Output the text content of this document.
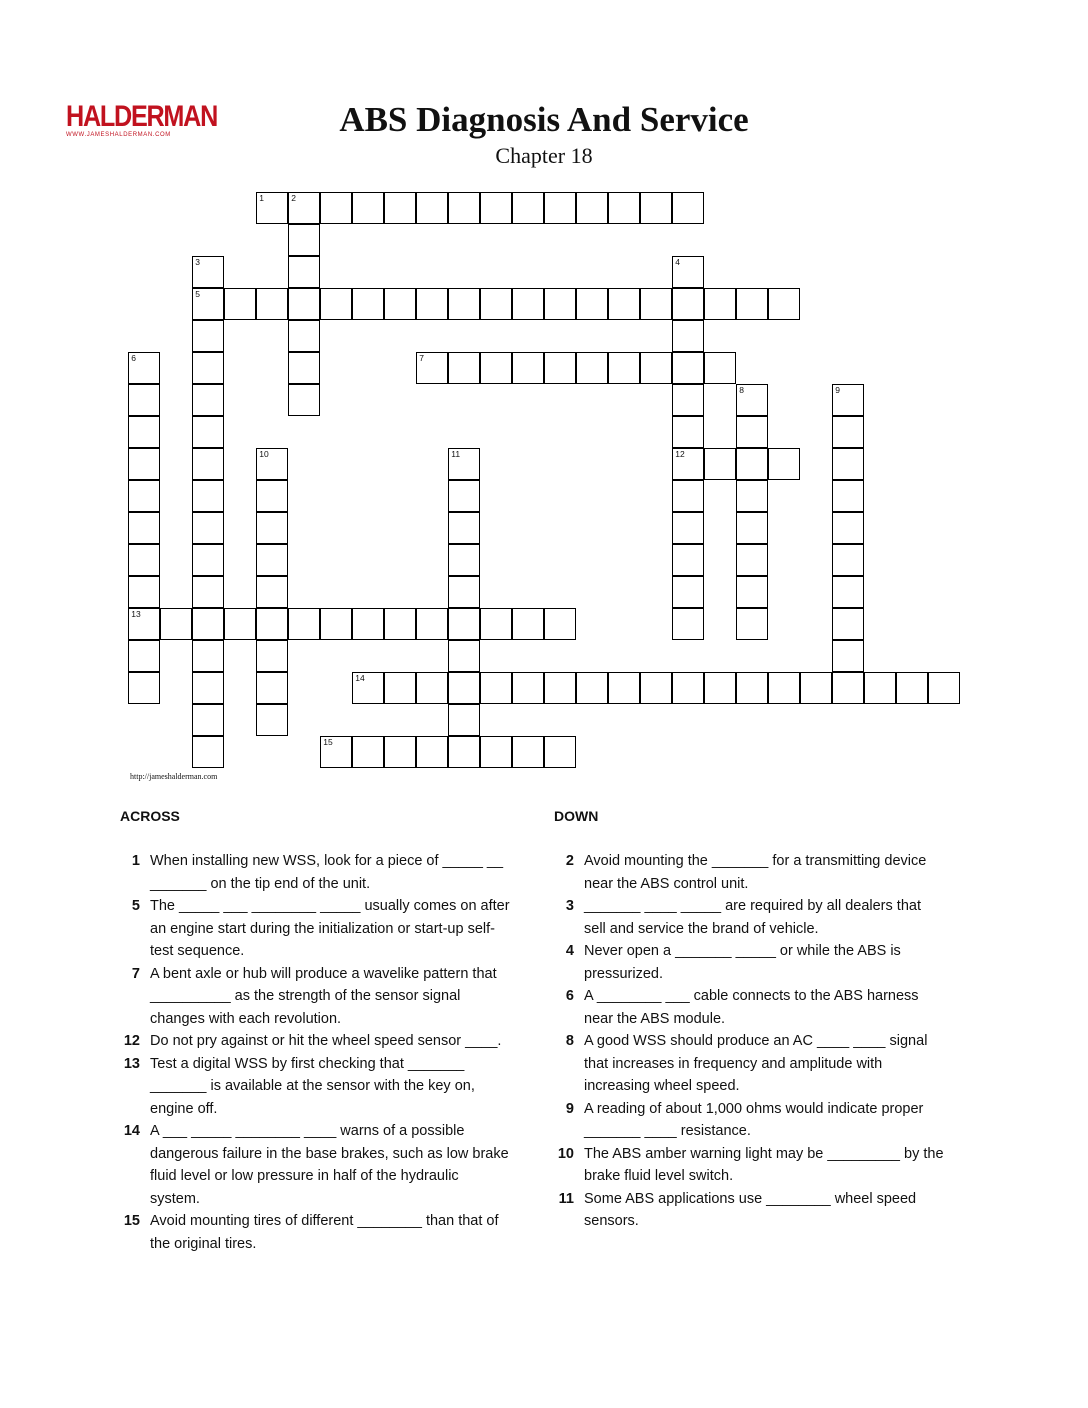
HALDERMAN
WWW.JAMESHALDERMAN.COM	ABS Diagnosis And Service
Chapter 18
1	2
3
5
4
12
6
13
7
8	9
10	11
14
15
http://jameshalderman.com
ACROSS
1 When installing new WSS, look for a piece of _____ __ _______ on the tip end of the unit.
5 The _____ ___ ________ _____ usually comes on after an engine start during the initialization or start-up self-test sequence.
7 A bent axle or hub will produce a wavelike pattern that __________ as the strength of the sensor signal changes with each revolution.
12 Do not pry against or hit the wheel speed sensor ____.
13 Test a digital WSS by first checking that _______ _______ is available at the sensor with the key on, engine off.
14 A ___ _____ ________ ____ warns of a possible dangerous failure in the base brakes, such as low brake fluid level or low pressure in half of the hydraulic system.
15 Avoid mounting tires of different ________ than that of the original tires.
DOWN
2 Avoid mounting the _______ for a transmitting device near the ABS control unit.
3 _______ ____ _____ are required by all dealers that sell and service the brand of vehicle.
4 Never open a _______ _____ or while the ABS is pressurized.
6 A ________ ___ cable connects to the ABS harness near the ABS module.
8 A good WSS should produce an AC ____ ____ signal that increases in frequency and amplitude with increasing wheel speed.
9 A reading of about 1,000 ohms would indicate proper _______ ____ resistance.
10 The ABS amber warning light may be _________ by the brake fluid level switch.
11 Some ABS applications use ________ wheel speed sensors.
